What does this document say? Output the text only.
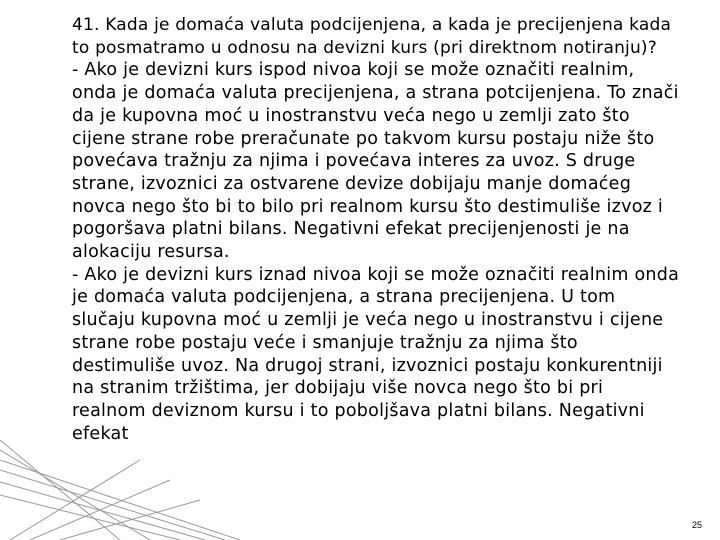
41. Kada je domaća valuta podcijenjena, a kada je precijenjena kada to posmatramo u odnosu na devizni kurs (pri direktnom notiranju)?

- Ako je devizni kurs ispod nivoa koji se može označiti realnim, onda je domaća valuta precijenjena, a strana potcijenjena. To znači da je kupovna moć u inostranstvu veća nego u zemlji zato što cijene strane robe preračunate po takvom kursu postaju niže što povećava tražnju za njima i povećava interes za uvoz. S druge strane, izvoznici za ostvarene devize dobijaju manje domaćeg novca nego što bi to bilo pri realnom kursu što destimuliše izvoz i pogoršava platni bilans. Negativni efekat precijenjenosti je na alokaciju resursa.

- Ako je devizni kurs iznad nivoa koji se može označiti realnim onda je domaća valuta podcijenjena, a strana precijenjena. U tom slučaju kupovna moć u zemlji je veća nego u inostranstvu i cijene strane robe postaju veće i smanjuje tražnju za njima što destimuliše uvoz. Na drugoj strani, izvoznici postaju konkurentniji na stranim tržištima, jer dobijaju više novca nego što bi pri realnom deviznom kursu i to poboljšava platni bilans. Negativni efekat

25
